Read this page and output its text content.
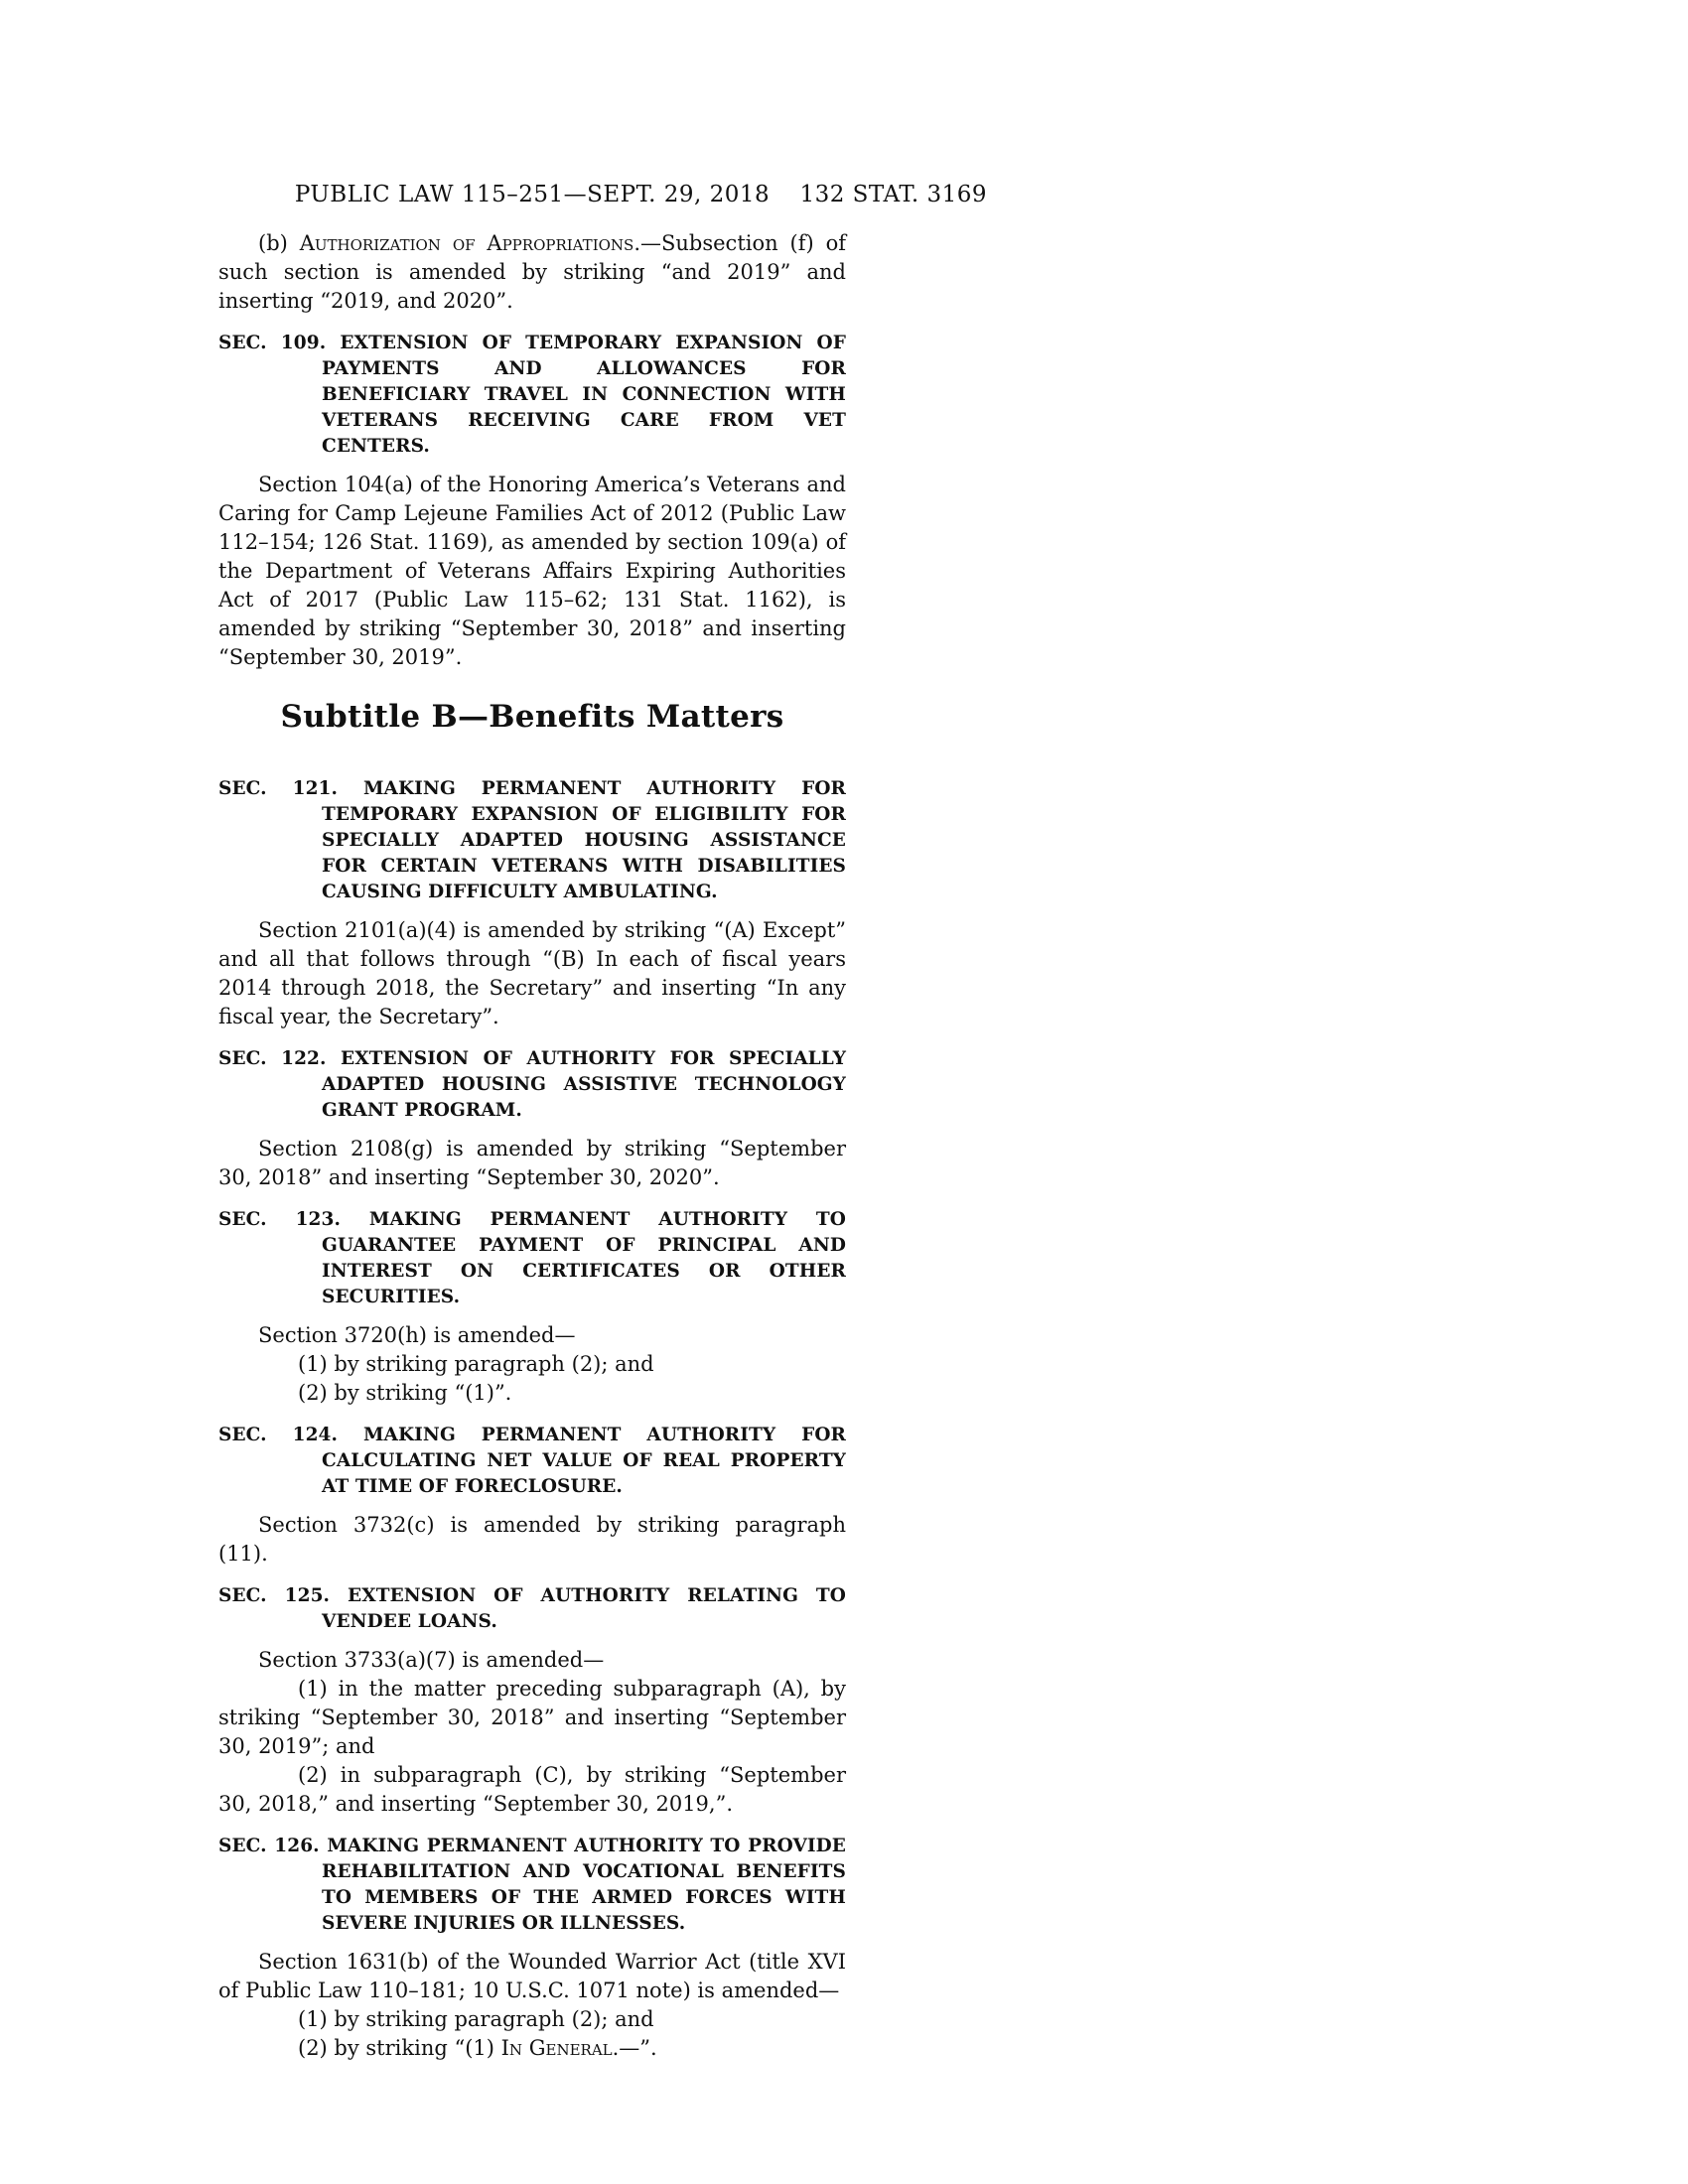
PUBLIC LAW 115–251—SEPT. 29, 2018 132 STAT. 3169

(b) Authorization of Appropriations.—Subsection (f) of such section is amended by striking “and 2019” and inserting “2019, and 2020”.

SEC. 109. EXTENSION OF TEMPORARY EXPANSION OF PAYMENTS AND ALLOWANCES FOR BENEFICIARY TRAVEL IN CONNECTION WITH VETERANS RECEIVING CARE FROM VET CENTERS.

Section 104(a) of the Honoring America’s Veterans and Caring for Camp Lejeune Families Act of 2012 (Public Law 112–154; 126 Stat. 1169), as amended by section 109(a) of the Department of Veterans Affairs Expiring Authorities Act of 2017 (Public Law 115–62; 131 Stat. 1162), is amended by striking “September 30, 2018” and inserting “September 30, 2019”.

Subtitle B—Benefits Matters

SEC. 121. MAKING PERMANENT AUTHORITY FOR TEMPORARY EXPANSION OF ELIGIBILITY FOR SPECIALLY ADAPTED HOUSING ASSISTANCE FOR CERTAIN VETERANS WITH DISABILITIES CAUSING DIFFICULTY AMBULATING.

Section 2101(a)(4) is amended by striking “(A) Except” and all that follows through “(B) In each of fiscal years 2014 through 2018, the Secretary” and inserting “In any fiscal year, the Secretary”.

SEC. 122. EXTENSION OF AUTHORITY FOR SPECIALLY ADAPTED HOUSING ASSISTIVE TECHNOLOGY GRANT PROGRAM.

Section 2108(g) is amended by striking “September 30, 2018” and inserting “September 30, 2020”.

SEC. 123. MAKING PERMANENT AUTHORITY TO GUARANTEE PAYMENT OF PRINCIPAL AND INTEREST ON CERTIFICATES OR OTHER SECURITIES.

Section 3720(h) is amended—

(1) by striking paragraph (2); and

(2) by striking “(1)”.

SEC. 124. MAKING PERMANENT AUTHORITY FOR CALCULATING NET VALUE OF REAL PROPERTY AT TIME OF FORECLOSURE.

Section 3732(c) is amended by striking paragraph (11).

SEC. 125. EXTENSION OF AUTHORITY RELATING TO VENDEE LOANS.

Section 3733(a)(7) is amended—

(1) in the matter preceding subparagraph (A), by striking “September 30, 2018” and inserting “September 30, 2019”; and

(2) in subparagraph (C), by striking “September 30, 2018,” and inserting “September 30, 2019,”.

SEC. 126. MAKING PERMANENT AUTHORITY TO PROVIDE REHABILITATION AND VOCATIONAL BENEFITS TO MEMBERS OF THE ARMED FORCES WITH SEVERE INJURIES OR ILLNESSES.

Section 1631(b) of the Wounded Warrior Act (title XVI of Public Law 110–181; 10 U.S.C. 1071 note) is amended—

(1) by striking paragraph (2); and

(2) by striking “(1) In General.—”.
